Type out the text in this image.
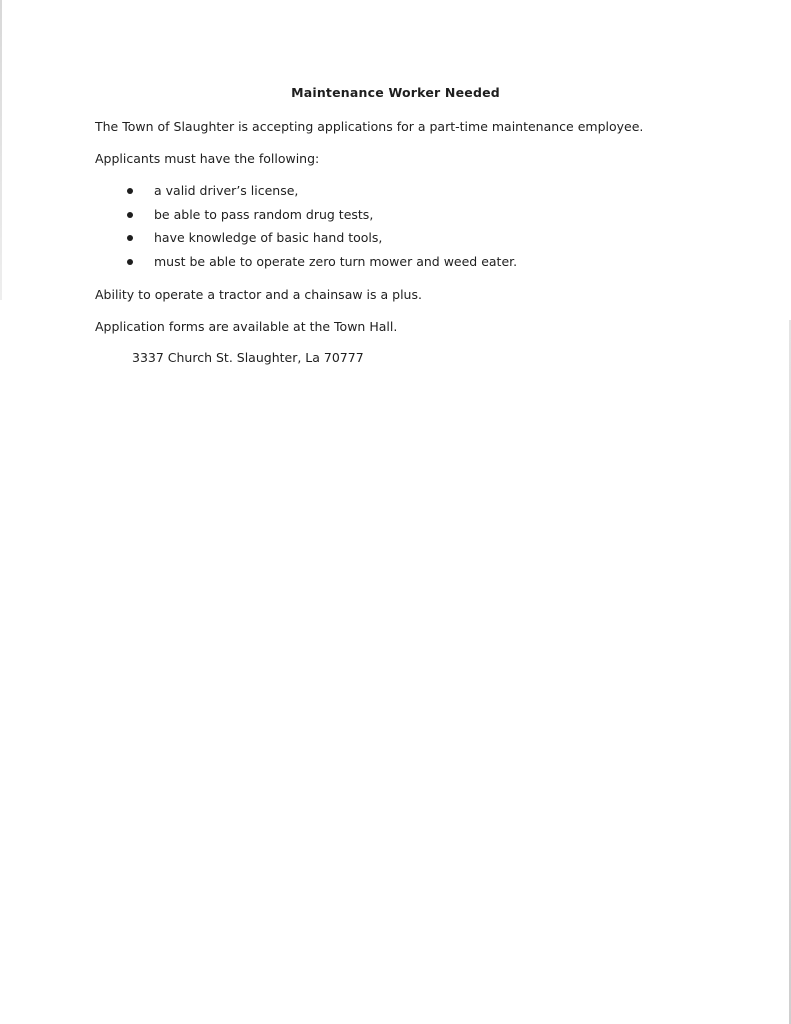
Maintenance Worker Needed
The Town of Slaughter is accepting applications for a part-time maintenance employee.
Applicants must have the following:
a valid driver’s license,
be able to pass random drug tests,
have knowledge of basic hand tools,
must be able to operate zero turn mower and weed eater.
Ability to operate a tractor and a chainsaw is a plus.
Application forms are available at the Town Hall.
3337 Church St. Slaughter, La 70777
